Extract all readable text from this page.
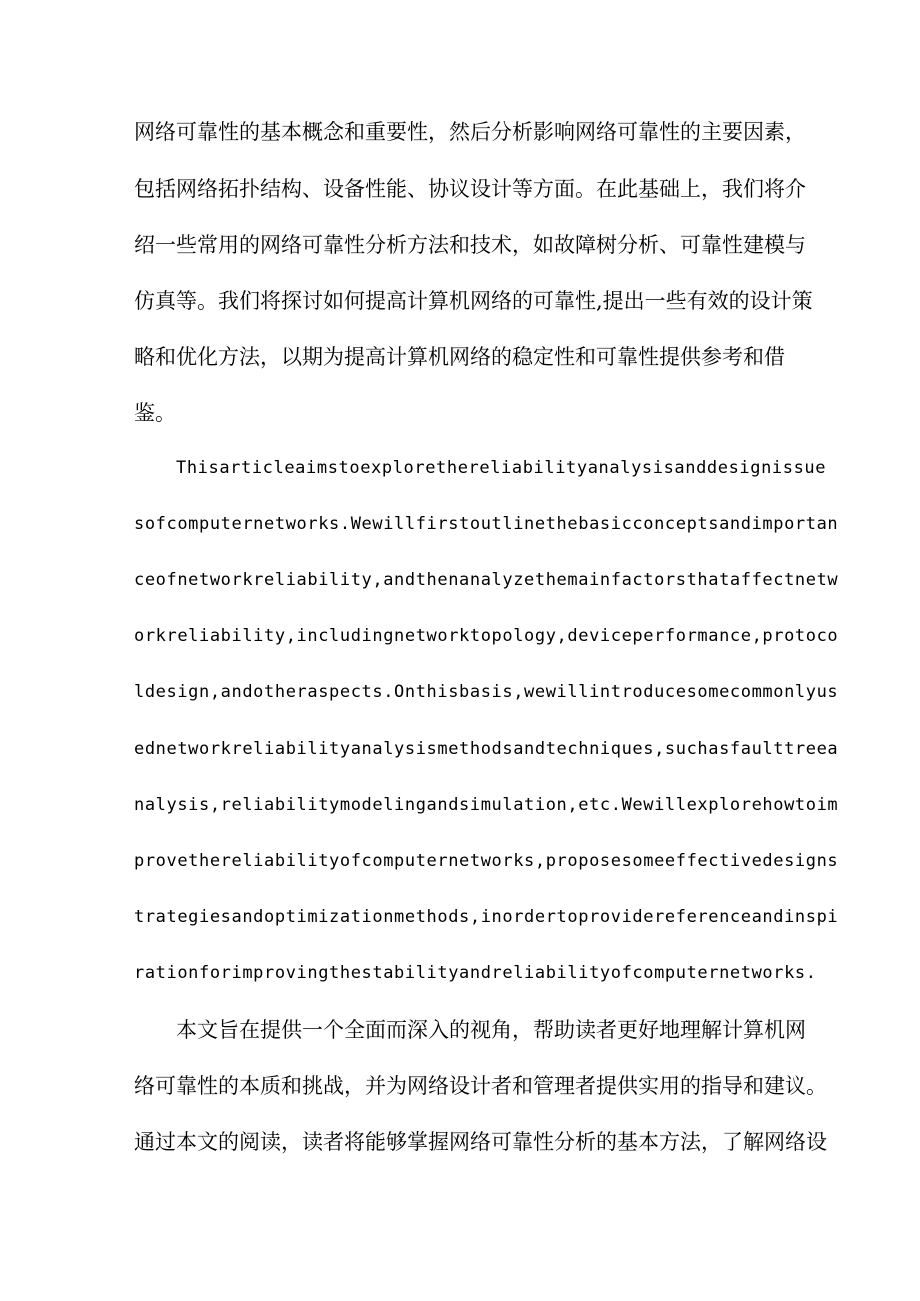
网络可靠性的基本概念和重要性，然后分析影响网络可靠性的主要因素，

包括网络拓扑结构、设备性能、协议设计等方面。在此基础上，我们将介

绍一些常用的网络可靠性分析方法和技术，如故障树分析、可靠性建模与

仿真等。我们将探讨如何提高计算机网络的可靠性,提出一些有效的设计策

略和优化方法，以期为提高计算机网络的稳定性和可靠性提供参考和借

鉴。

Thisarticleaimstoexplorethereliabilityanalysisanddesignissue

sofcomputernetworks.Wewillfirstoutlinethebasicconceptsandimportan

ceofnetworkreliability,andthenanalyzethemainfactorsthataffectnetw

orkreliability,includingnetworktopology,deviceperformance,protoco

ldesign,andotheraspects.Onthisbasis,wewillintroducesomecommonlyus

ednetworkreliabilityanalysismethodsandtechniques,suchasfaulttreea

nalysis,reliabilitymodelingandsimulation,etc.Wewillexplorehowtoim

provethereliabilityofcomputernetworks,proposesomeeffectivedesigns

trategiesandoptimizationmethods,inordertoprovidereferenceandinspi

rationforimprovingthestabilityandreliabilityofcomputernetworks.

本文旨在提供一个全面而深入的视角，帮助读者更好地理解计算机网

络可靠性的本质和挑战，并为网络设计者和管理者提供实用的指导和建议。

通过本文的阅读，读者将能够掌握网络可靠性分析的基本方法，了解网络设
